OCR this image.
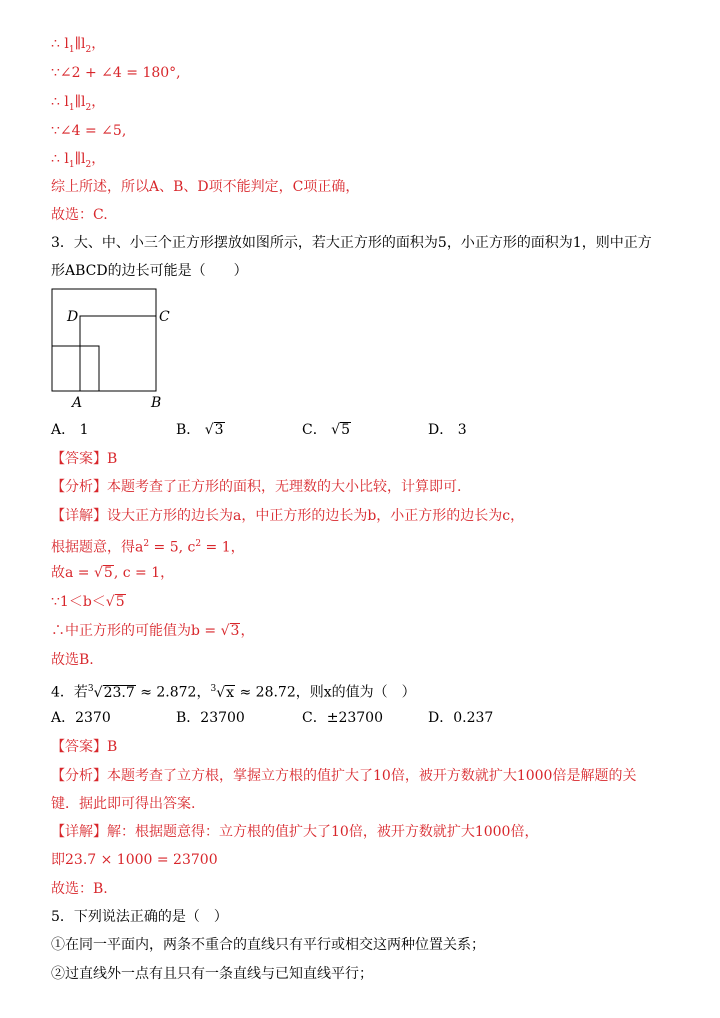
∴ $l_1\parallel l_2$，
∵∠2 + ∠4 = 180°,
∴ $l_1\parallel l_2$，
∵∠4 = ∠5,
∴ $l_1\parallel l_2$，
综上所述，所以A、B、D项不能判定，C项正确，
故选：C.
3．大、中、小三个正方形摆放如图所示，若大正方形的面积为5，小正方形的面积为1，则中正方
形ABCD的边长可能是（　　）
D	C
A	B
A． 1	B． √3	C． √5	D． 3
【答案】B
【分析】本题考查了正方形的面积，无理数的大小比较，计算即可.
【详解】设大正方形的边长为a，中正方形的边长为b，小正方形的边长为c，
根据题意，得$a^2 = 5$, $c^2 = 1$，
故a = √5, c = 1，
∵1＜b＜√5
∴中正方形的可能值为b = √3，
故选B.
4．若$^3$√23.7 ≈ 2.872，$^3$√x ≈ 28.72，则x的值为（　）
A．2370	B．23700	C．±23700	D．0.237
【答案】B
【分析】本题考查了立方根，掌握立方根的值扩大了10倍，被开方数就扩大1000倍是解题的关
键．据此即可得出答案.
【详解】解：根据题意得：立方根的值扩大了10倍，被开方数就扩大1000倍，
即23.7 × 1000 = 23700
故选：B.
5．下列说法正确的是（　）
①在同一平面内，两条不重合的直线只有平行或相交这两种位置关系；
②过直线外一点有且只有一条直线与已知直线平行；
